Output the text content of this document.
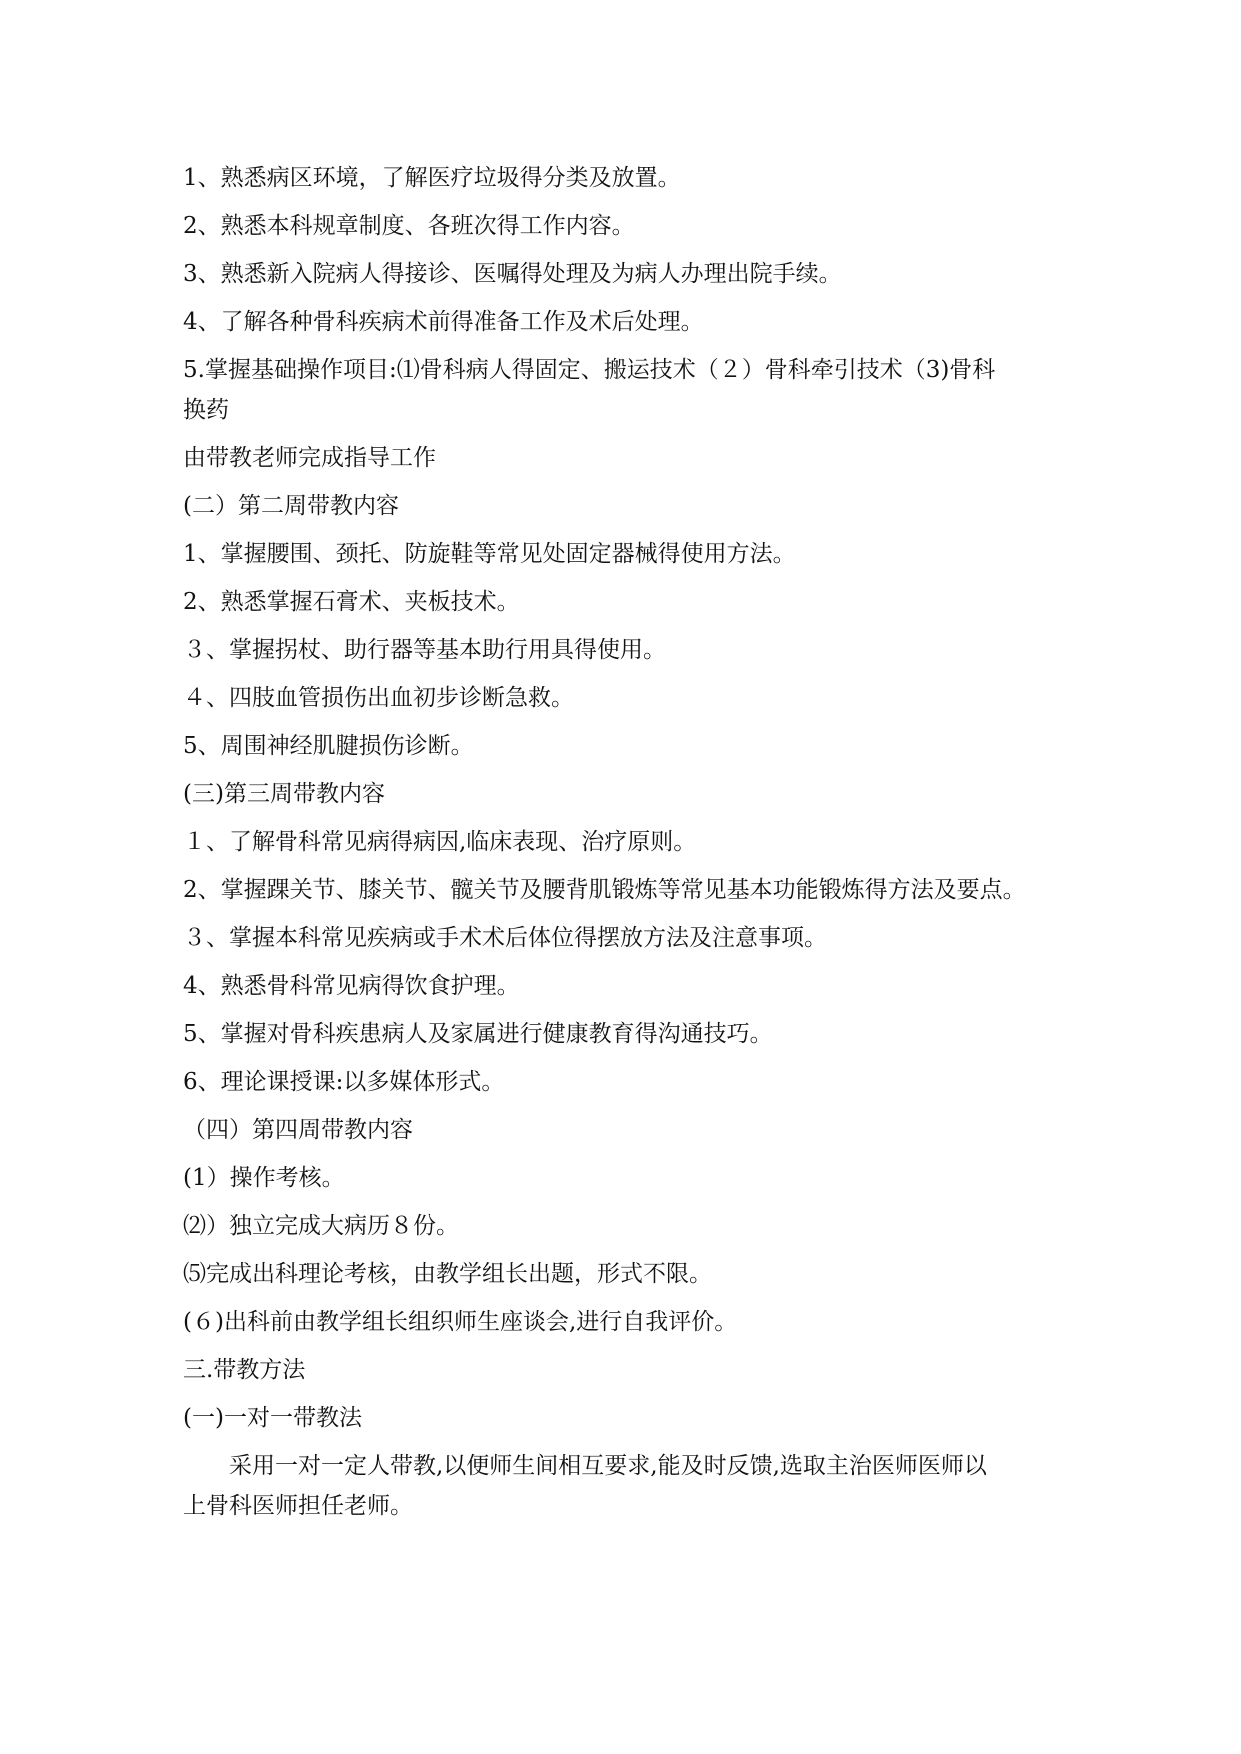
1、熟悉病区环境，了解医疗垃圾得分类及放置。
2、熟悉本科规章制度、各班次得工作内容。
3、熟悉新入院病人得接诊、医嘱得处理及为病人办理出院手续。
4、了解各种骨科疾病术前得准备工作及术后处理。
5.掌握基础操作项目:⑴骨科病人得固定、搬运技术（２）骨科牵引技术（3)骨科
换药
由带教老师完成指导工作
(二）第二周带教内容
1、掌握腰围、颈托、防旋鞋等常见处固定器械得使用方法。
2、熟悉掌握石膏术、夹板技术。
３、掌握拐杖、助行器等基本助行用具得使用。
４、四肢血管损伤出血初步诊断急救。
5、周围神经肌腱损伤诊断。
(三)第三周带教内容
１、了解骨科常见病得病因,临床表现、治疗原则。
2、掌握踝关节、膝关节、髋关节及腰背肌锻炼等常见基本功能锻炼得方法及要点。
３、掌握本科常见疾病或手术术后体位得摆放方法及注意事项。
4、熟悉骨科常见病得饮食护理。
5、掌握对骨科疾患病人及家属进行健康教育得沟通技巧。
6、理论课授课:以多媒体形式。
（四）第四周带教内容
(1）操作考核。
⑵）独立完成大病历８份。
⑸完成出科理论考核，由教学组长出题，形式不限。
(６)出科前由教学组长组织师生座谈会,进行自我评价。
三.带教方法
(一)一对一带教法
采用一对一定人带教,以便师生间相互要求,能及时反馈,选取主治医师医师以
上骨科医师担任老师。
